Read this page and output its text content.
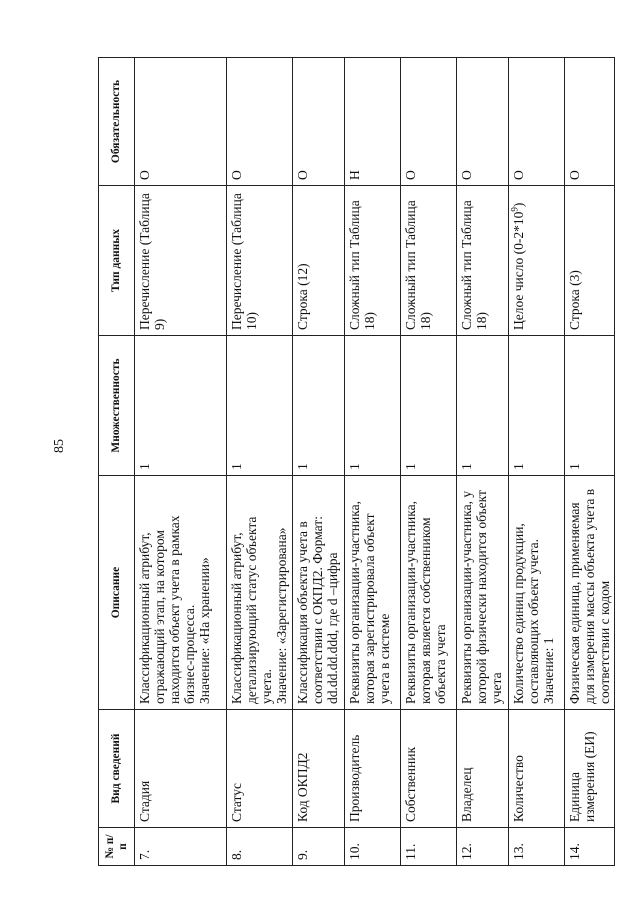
85
№ п/п	Вид сведений	Описание	Множественность	Тип данных	Обязательность
7.	Стадия	Классификационный атрибут, отражающий этап, на котором находится объект учета в рамках бизнес-процесса. Значение: «На хранении»	1	Перечисление (Таблица 9)	О
8.	Статус	Классификационный атрибут, детализирующий статус объекта учета. Значение: «Зарегистрирована»	1	Перечисление (Таблица 10)	О
9.	Код ОКПД2	Классификация объекта учета в соответствии с ОКПД2. Формат: dd.dd.dd.ddd, где d –цифра	1	Строка (12)	О
10.	Производитель	Реквизиты организации-участника, которая зарегистрировала объект учета в системе	1	Сложный тип Таблица 18)	Н
11.	Собственник	Реквизиты организации-участника, которая является собственником объекта учета	1	Сложный тип Таблица 18)	О
12.	Владелец	Реквизиты организации-участника, у которой физически находится объект учета	1	Сложный тип Таблица 18)	О
13.	Количество	Количество единиц продукции, составляющих объект учета. Значение: 1	1	Целое число $(0-2*10^9)$	О
14.	Единица измерения (ЕИ)	Физическая единица, применяемая для измерения массы объекта учета в соответствии с кодом	1	Строка (3)	О
